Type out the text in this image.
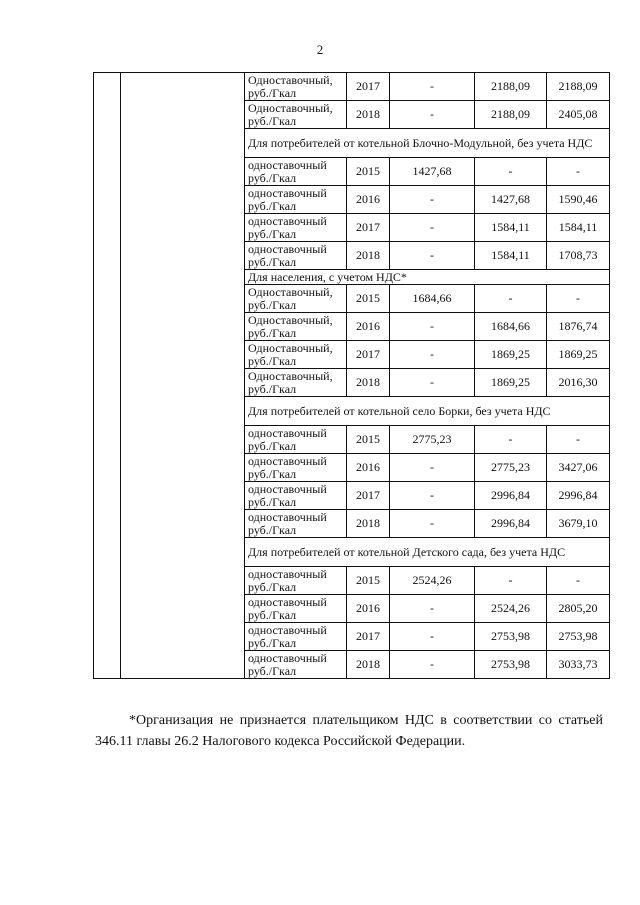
2
		Одноставочный, руб./Гкал	2017	-	2188,09	2188,09
		Одноставочный, руб./Гкал	2018	-	2188,09	2405,08
		Для потребителей от котельной Блочно-Модульной, без учета НДС				
		одноставочный руб./Гкал	2015	1427,68	-	-
		одноставочный руб./Гкал	2016	-	1427,68	1590,46
		одноставочный руб./Гкал	2017	-	1584,11	1584,11
		одноставочный руб./Гкал	2018	-	1584,11	1708,73
		Для населения, с учетом НДС*				
		Одноставочный, руб./Гкал	2015	1684,66	-	-
		Одноставочный, руб./Гкал	2016	-	1684,66	1876,74
		Одноставочный, руб./Гкал	2017	-	1869,25	1869,25
		Одноставочный, руб./Гкал	2018	-	1869,25	2016,30
		Для потребителей от котельной село Борки, без учета НДС				
		одноставочный руб./Гкал	2015	2775,23	-	-
		одноставочный руб./Гкал	2016	-	2775,23	3427,06
		одноставочный руб./Гкал	2017	-	2996,84	2996,84
		одноставочный руб./Гкал	2018	-	2996,84	3679,10
		Для потребителей от котельной Детского сада, без учета НДС				
		одноставочный руб./Гкал	2015	2524,26	-	-
		одноставочный руб./Гкал	2016	-	2524,26	2805,20
		одноставочный руб./Гкал	2017	-	2753,98	2753,98
		одноставочный руб./Гкал	2018	-	2753,98	3033,73
*Организация не признается плательщиком НДС в соответствии со статьей 346.11 главы 26.2 Налогового кодекса Российской Федерации.
